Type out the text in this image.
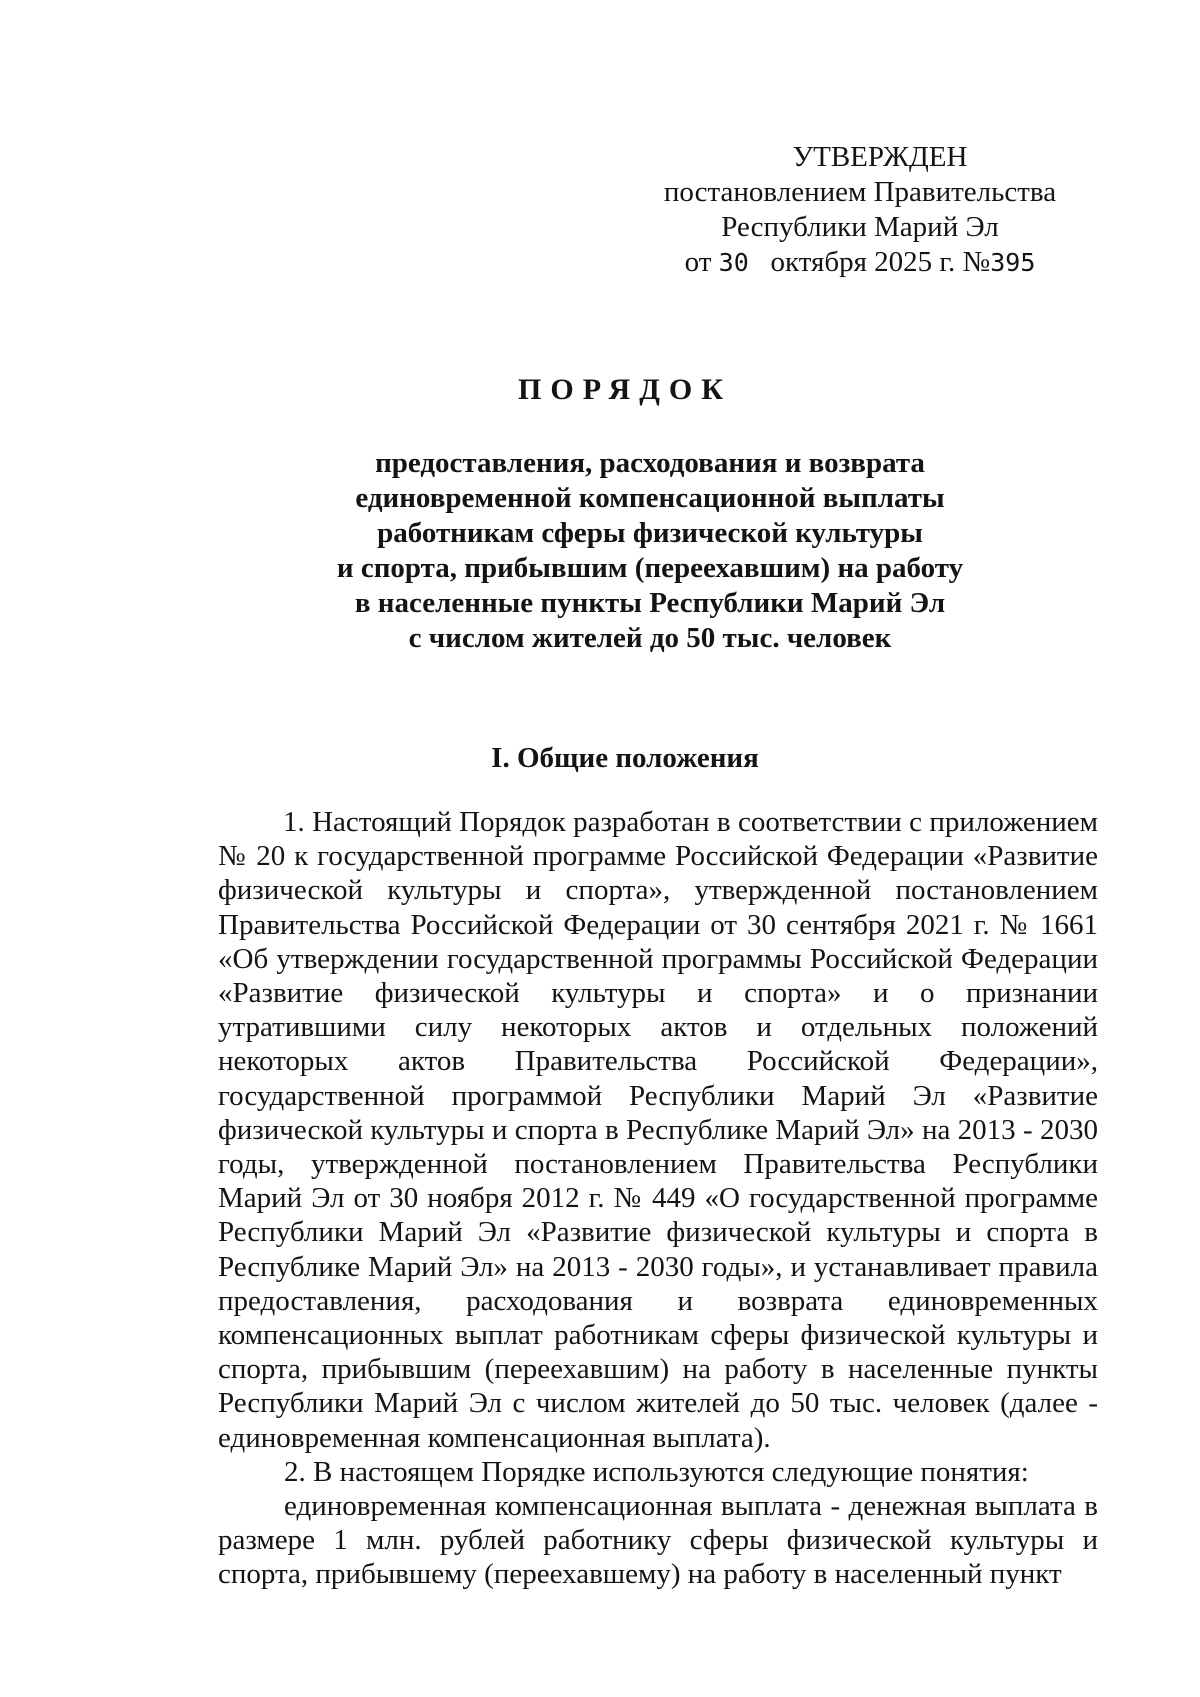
УТВЕРЖДЕН
постановлением Правительства
Республики Марий Эл
от 30 октября 2025 г. №395
ПОРЯДОК
предоставления, расходования и возврата
единовременной компенсационной выплаты
работникам сферы физической культуры
и спорта, прибывшим (переехавшим) на работу
в населенные пункты Республики Марий Эл
с числом жителей до 50 тыс. человек
I. Общие положения

1. Настоящий Порядок разработан в соответствии с приложением № 20 к государственной программе Российской Федерации «Развитие физической культуры и спорта», утвержденной постановлением Правительства Российской Федерации от 30 сентября 2021 г. № 1661 «Об утверждении государственной программы Российской Федерации «Развитие физической культуры и спорта» и о признании утратившими силу некоторых актов и отдельных положений некоторых актов Правительства Российской Федерации», государственной программой Республики Марий Эл «Развитие физической культуры и спорта в Республике Марий Эл» на 2013 - 2030 годы, утвержденной постановлением Правительства Республики Марий Эл от 30 ноября 2012 г. № 449 «О государственной программе Республики Марий Эл «Развитие физической культуры и спорта в Республике Марий Эл» на 2013 - 2030 годы», и устанавливает правила предоставления, расходования и возврата единовременных компенсационных выплат работникам сферы физической культуры и спорта, прибывшим (переехавшим) на работу в населенные пункты Республики Марий Эл с числом жителей до 50 тыс. человек (далее - единовременная компенсационная выплата).

2. В настоящем Порядке используются следующие понятия:

единовременная компенсационная выплата - денежная выплата в размере 1 млн. рублей работнику сферы физической культуры и спорта, прибывшему (переехавшему) на работу в населенный пункт
